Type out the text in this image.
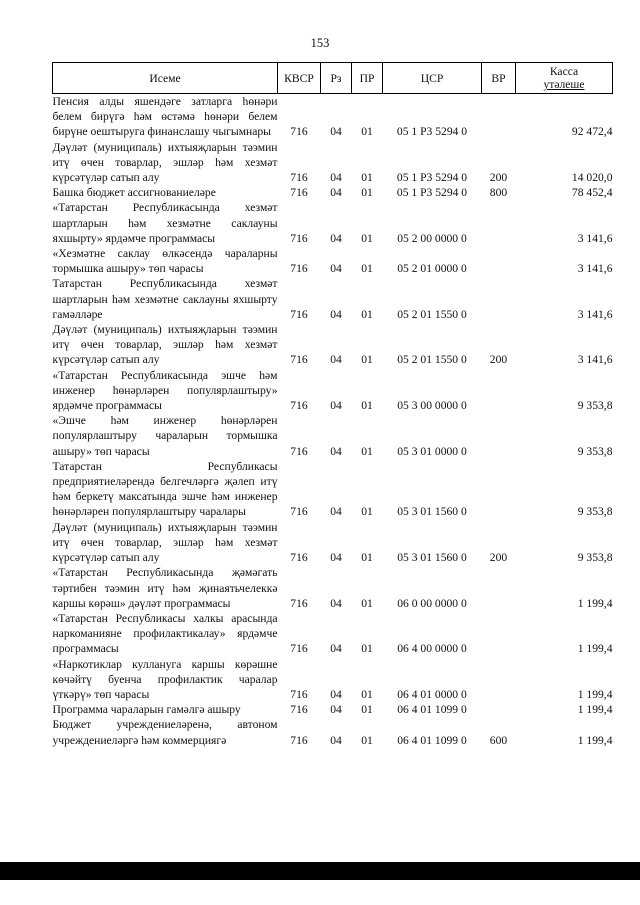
153
Исеме	КВСР	Рз	ПР	ЦСР	ВР	Касса
утәлеше

Пенсия алды яшендәге затларга һөнәри белем бирүгә һәм өстәмә һөнәри белем бирүне оештыруга финанслашу чыгымнары	716	04	01	05 1 Р3 5294 0		92 472,4
Дәүләт (муниципаль) ихтыяҗларын тәэмин итү өчен товарлар, эшләр һәм хезмәт күрсәтүләр сатып алу	716	04	01	05 1 Р3 5294 0	200	14 020,0
Башка бюджет ассигнованиеләре	716	04	01	05 1 Р3 5294 0	800	78 452,4
«Татарстан Республикасында хезмәт шартларын һәм хезмәтне саклауны яхшырту» ярдәмче программасы	716	04	01	05 2 00 0000 0		3 141,6
«Хезмәтне саклау өлкәсендә чараларны тормышка ашыру» төп чарасы	716	04	01	05 2 01 0000 0		3 141,6
Татарстан Республикасында хезмәт шартларын һәм хезмәтне саклауны яхшырту гамәлләре	716	04	01	05 2 01 1550 0		3 141,6
Дәүләт (муниципаль) ихтыяҗларын тәэмин итү өчен товарлар, эшләр һәм хезмәт күрсәтүләр сатып алу	716	04	01	05 2 01 1550 0	200	3 141,6
«Татарстан Республикасында эшче һәм инженер һөнәрләрен популярлаштыру» ярдәмче программасы	716	04	01	05 3 00 0000 0		9 353,8
«Эшче һәм инженер һөнәрләрен популярлаштыру чараларын тормышка ашыру» төп чарасы	716	04	01	05 3 01 0000 0		9 353,8
Татарстан Республикасы предприятиеләрендә белгечләргә җәлеп итү һәм беркетү максатында эшче һәм инженер һөнәрләрен популярлаштыру чаралары	716	04	01	05 3 01 1560 0		9 353,8
Дәүләт (муниципаль) ихтыяҗларын тәэмин итү өчен товарлар, эшләр һәм хезмәт күрсәтүләр сатып алу	716	04	01	05 3 01 1560 0	200	9 353,8
«Татарстан Республикасында җәмәгать тәртибен тәэмин итү һәм җинаятьчелеккә каршы көрәш» дәүләт программасы	716	04	01	06 0 00 0000 0		1 199,4
«Татарстан Республикасы халкы арасында наркоманияне профилактикалау» ярдәмче программасы	716	04	01	06 4 00 0000 0		1 199,4
«Наркотиклар куллануга каршы көрәшне көчәйтү буенча профилактик чаралар үткәрү» төп чарасы	716	04	01	06 4 01 0000 0		1 199,4
Программа чараларын гамәлгә ашыру	716	04	01	06 4 01 1099 0		1 199,4
Бюджет учреждениеләренә, автоном учреждениеләргә һәм коммерциягә	716	04	01	06 4 01 1099 0	600	1 199,4
